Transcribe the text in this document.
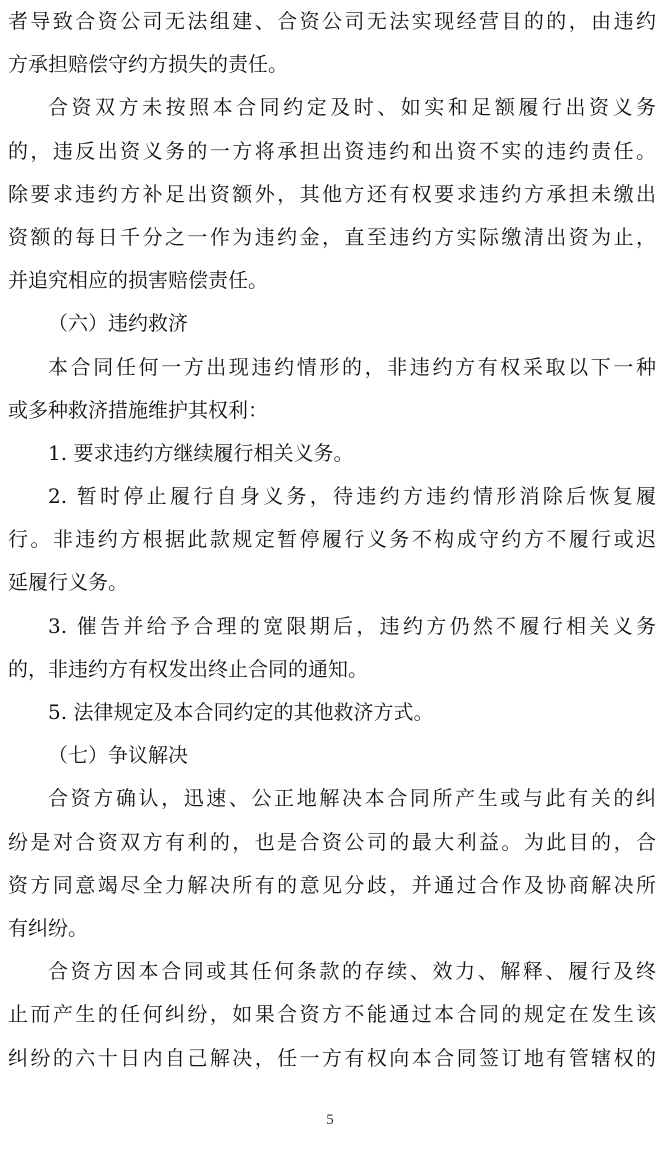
者导致合资公司无法组建、合资公司无法实现经营目的的，由违约
方承担赔偿守约方损失的责任。
合资双方未按照本合同约定及时、如实和足额履行出资义务
的，违反出资义务的一方将承担出资违约和出资不实的违约责任。
除要求违约方补足出资额外，其他方还有权要求违约方承担未缴出
资额的每日千分之一作为违约金，直至违约方实际缴清出资为止，
并追究相应的损害赔偿责任。
（六）违约救济
本合同任何一方出现违约情形的，非违约方有权采取以下一种
或多种救济措施维护其权利：
1. 要求违约方继续履行相关义务。
2. 暂时停止履行自身义务，待违约方违约情形消除后恢复履
行。非违约方根据此款规定暂停履行义务不构成守约方不履行或迟
延履行义务。
3. 催告并给予合理的宽限期后，违约方仍然不履行相关义务
的，非违约方有权发出终止合同的通知。
5. 法律规定及本合同约定的其他救济方式。
（七）争议解决
合资方确认，迅速、公正地解决本合同所产生或与此有关的纠
纷是对合资双方有利的，也是合资公司的最大利益。为此目的，合
资方同意竭尽全力解决所有的意见分歧，并通过合作及协商解决所
有纠纷。
合资方因本合同或其任何条款的存续、效力、解释、履行及终
止而产生的任何纠纷，如果合资方不能通过本合同的规定在发生该
纠纷的六十日内自己解决，任一方有权向本合同签订地有管辖权的
5
